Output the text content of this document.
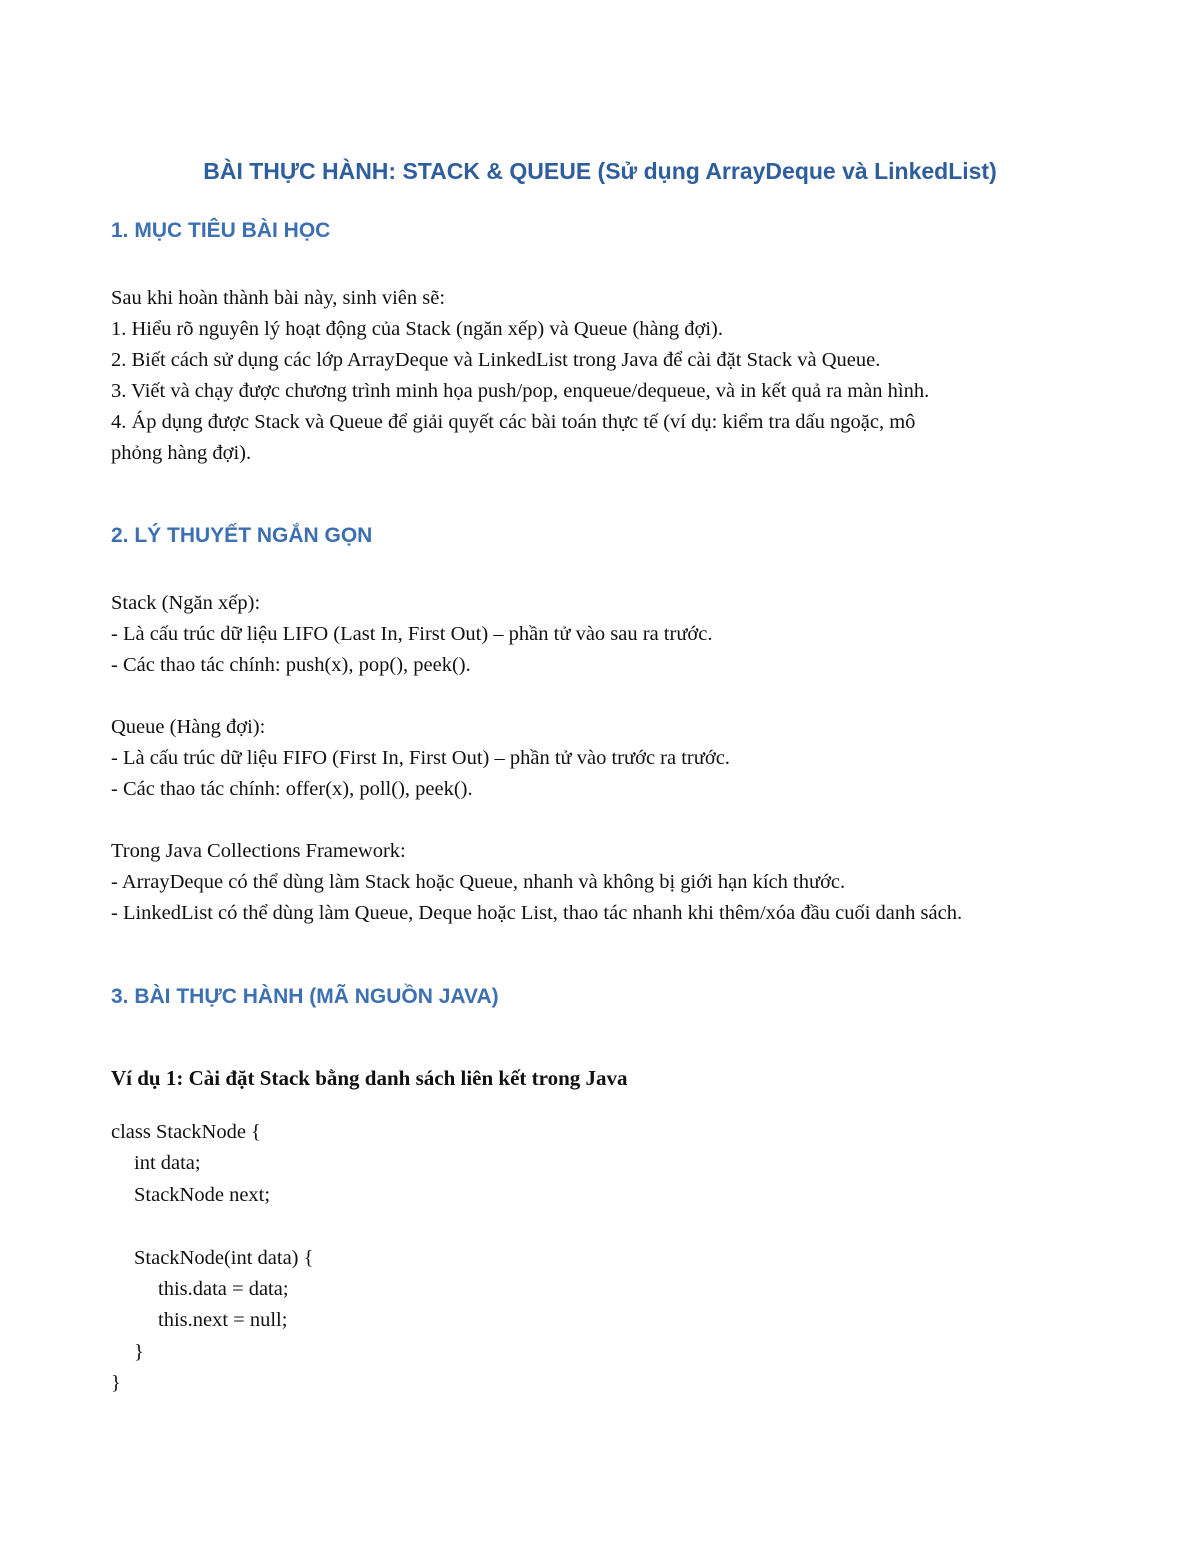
BÀI THỰC HÀNH: STACK & QUEUE (Sử dụng ArrayDeque và LinkedList)
1. MỤC TIÊU BÀI HỌC
Sau khi hoàn thành bài này, sinh viên sẽ:
1. Hiểu rõ nguyên lý hoạt động của Stack (ngăn xếp) và Queue (hàng đợi).
2. Biết cách sử dụng các lớp ArrayDeque và LinkedList trong Java để cài đặt Stack và Queue.
3. Viết và chạy được chương trình minh họa push/pop, enqueue/dequeue, và in kết quả ra màn hình.
4. Áp dụng được Stack và Queue để giải quyết các bài toán thực tế (ví dụ: kiểm tra dấu ngoặc, mô
phỏng hàng đợi).
2. LÝ THUYẾT NGẮN GỌN
Stack (Ngăn xếp):
- Là cấu trúc dữ liệu LIFO (Last In, First Out) – phần tử vào sau ra trước.
- Các thao tác chính: push(x), pop(), peek().
Queue (Hàng đợi):
- Là cấu trúc dữ liệu FIFO (First In, First Out) – phần tử vào trước ra trước.
- Các thao tác chính: offer(x), poll(), peek().
Trong Java Collections Framework:
- ArrayDeque có thể dùng làm Stack hoặc Queue, nhanh và không bị giới hạn kích thước.
- LinkedList có thể dùng làm Queue, Deque hoặc List, thao tác nhanh khi thêm/xóa đầu cuối danh sách.
3. BÀI THỰC HÀNH (MÃ NGUỒN JAVA)
Ví dụ 1: Cài đặt Stack bằng danh sách liên kết trong Java
class StackNode {
int data;
StackNode next;
StackNode(int data) {
this.data = data;
this.next = null;
}
}
